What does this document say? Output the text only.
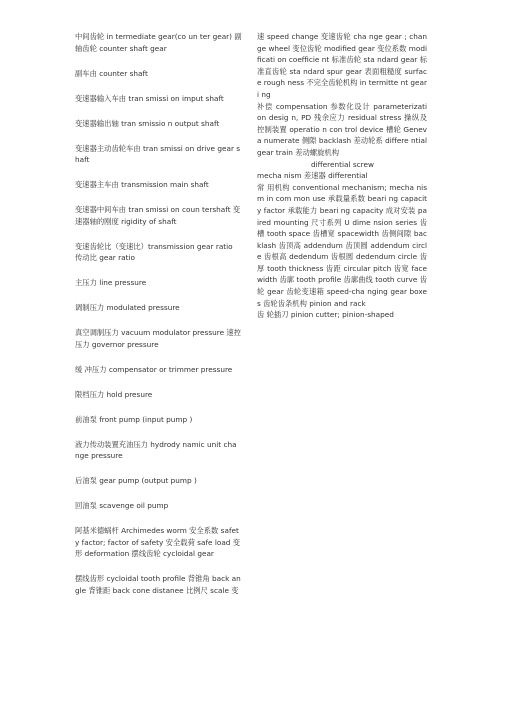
中间齿轮 in termediate gear(co un ter gear) 副轴齿轮 counter shaft gear

副车由 counter shaft

变速器输入车由 tran smissi on imput shaft

变速器输出轴 tran smissio n output shaft

变速器主动齿轮车由 tran smissi on drive gear shaft

变速器主车由 transmission main shaft

变速器中间车由 tran smissi on coun tershaft 变速器轴的刚度 rigidity of shaft

变速齿轮比（变速比）transmission gear ratio 传动比 gear ratio

主压力 line pressure

调制压力 modulated pressure

真空调制压力 vacuum modulator pressure 速控压力 governor pressure

缓 冲压力 compensator or trimmer pressure

限档压力 hold presure

前油泵 front pump (input pump )

液力传动装置充油压力 hydrody namic unit cha nge pressure

后油泵 gear pump (output pump )

回油泵 scavenge oil pump

阿基米德蜗杆 Archimedes worm 安全系数 safety factor; factor of safety 安全载荷 safe load 变形 deformation 摆线齿轮 cycloidal gear

摆线齿形 cycloidal tooth profile 背锥角 back angle 背锥距 back cone distanee 比例尺 scale 变

速 speed change 变速齿轮 cha nge gear ; change wheel 变位齿轮 modified gear 变位系数 modificati on coefficie nt 标准齿轮 sta ndard gear 标准直齿轮 sta ndard spur gear 表面粗糙度 surface rough ness 不完全齿轮机构 in termitte nt geari ng

补偿 compensation 参数化设计 parameterizati on desig n, PD 残余应力 residual stress 操纵及控制装置 operatio n con trol device 槽轮 Geneva numerate 侧隙 backlash 差动轮系 differe ntial gear train 差动螺旋机构

differential screw

mecha nism 差速器 differential

常 用机构 conventional mechanism; mecha nism in com mon use 承载量系数 beari ng capacity factor 承载能力 beari ng capacity 成对安装 paired mounting 尺寸系列 U dime nsion series 齿槽 tooth space 齿槽宽 spacewidth 齿侧间隙 backlash 齿顶高 addendum 齿顶圆 addendum circle 齿根高 dedendum 齿根圆 dedendum circle 齿厚 tooth thickness 齿距 circular pitch 齿宽 face width 齿廓 tooth profile 齿廓曲线 tooth curve 齿轮 gear 齿轮变速箱 speed-cha nging gear boxes 齿轮齿条机构 pinion and rack

齿 轮插刀 pinion cutter; pinion-shaped
